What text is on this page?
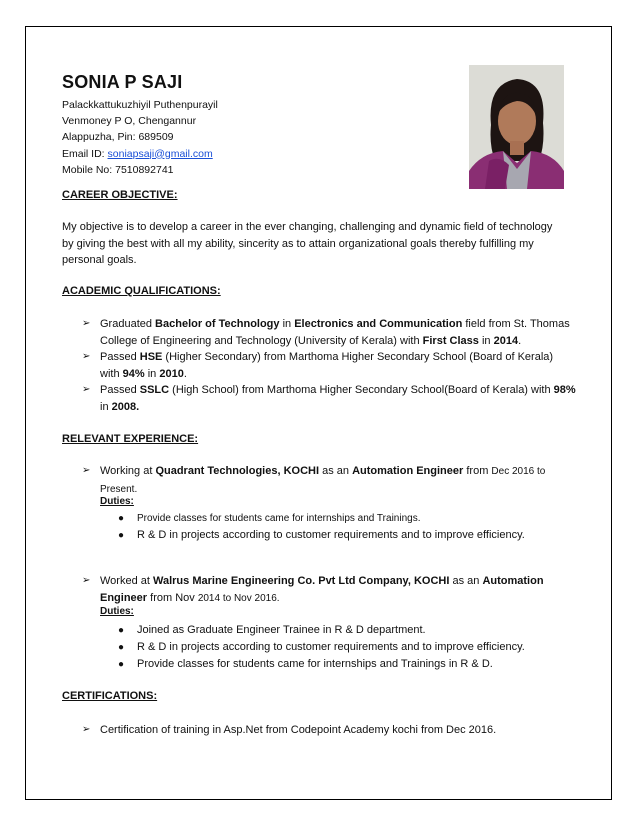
SONIA P SAJI
Palackkattukuzhiyil Puthenpurayil
Venmoney P O, Chengannur
Alappuzha, Pin: 689509
Email ID: soniapsaji@gmail.com
Mobile No: 7510892741
CAREER OBJECTIVE:
My objective is to develop a career in the ever changing, challenging and dynamic field of technology
by giving the best with all my ability, sincerity as to attain organizational goals thereby fulfilling my
personal goals.
ACADEMIC QUALIFICATIONS:
➢ Graduated Bachelor of Technology in Electronics and Communication field from St. Thomas
College of Engineering and Technology (University of Kerala) with First Class in 2014.
➢ Passed HSE (Higher Secondary) from Marthoma Higher Secondary School (Board of Kerala)
with 94% in 2010.
➢ Passed SSLC (High School) from Marthoma Higher Secondary School(Board of Kerala) with 98%
in 2008.
RELEVANT EXPERIENCE:
➢ Working at Quadrant Technologies, KOCHI as an Automation Engineer from Dec 2016 to
Present.
Duties:
● Provide classes for students came for internships and Trainings.
● R & D in projects according to customer requirements and to improve efficiency.
➢ Worked at Walrus Marine Engineering Co. Pvt Ltd Company, KOCHI as an Automation
Engineer from Nov 2014 to Nov 2016.
Duties:
● Joined as Graduate Engineer Trainee in R & D department.
● R & D in projects according to customer requirements and to improve efficiency.
● Provide classes for students came for internships and Trainings in R & D.
CERTIFICATIONS:
➢ Certification of training in Asp.Net from Codepoint Academy kochi from Dec 2016.
